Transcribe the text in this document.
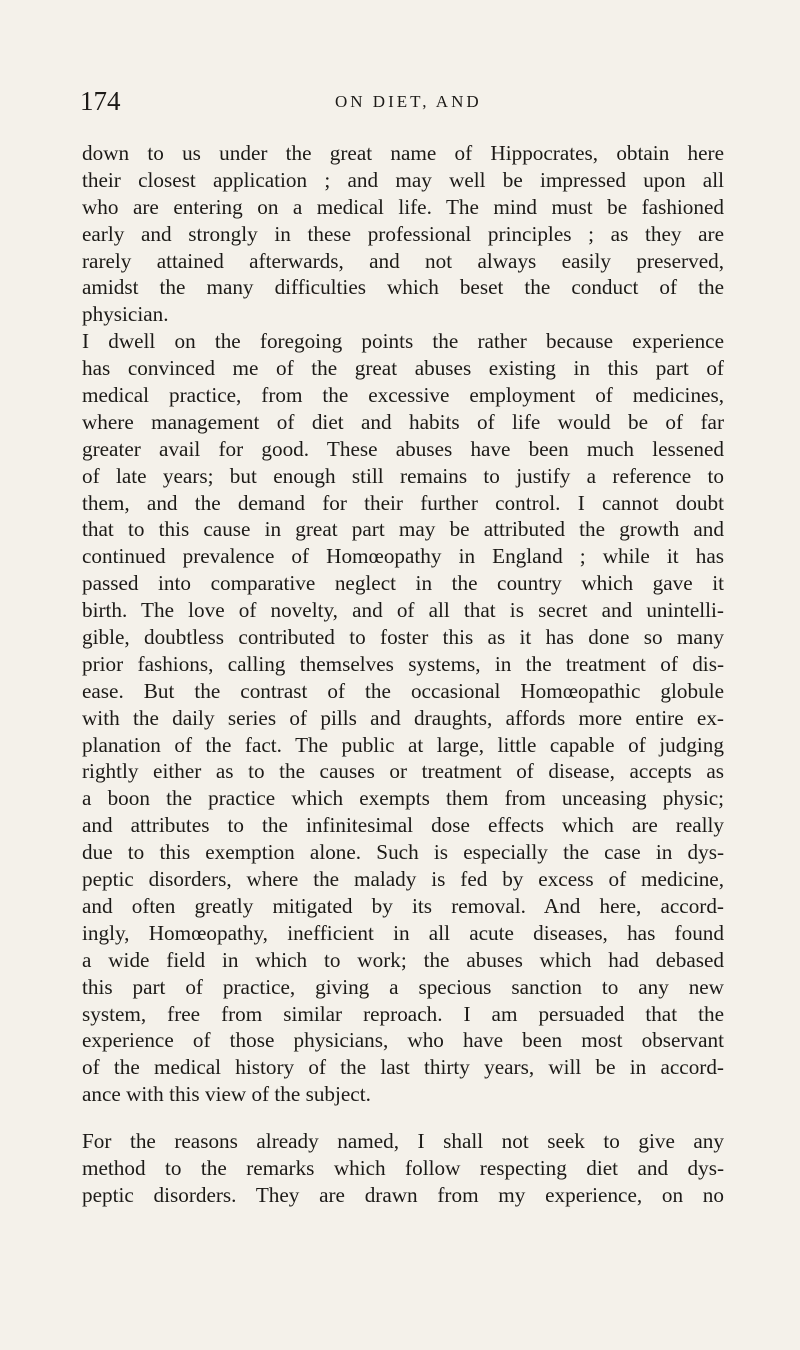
174	ON DIET, AND
down to us under the great name of Hippocrates, obtain here
their closest application ; and may well be impressed upon all
who are entering on a medical life. The mind must be fashioned
early and strongly in these professional principles ; as they are
rarely attained afterwards, and not always easily preserved,
amidst the many difficulties which beset the conduct of the
physician.
I dwell on the foregoing points the rather because experience
has convinced me of the great abuses existing in this part of
medical practice, from the excessive employment of medicines,
where management of diet and habits of life would be of far
greater avail for good. These abuses have been much lessened
of late years; but enough still remains to justify a reference to
them, and the demand for their further control. I cannot doubt
that to this cause in great part may be attributed the growth and
continued prevalence of Homœopathy in England ; while it has
passed into comparative neglect in the country which gave it
birth. The love of novelty, and of all that is secret and unintelli-
gible, doubtless contributed to foster this as it has done so many
prior fashions, calling themselves systems, in the treatment of dis-
ease. But the contrast of the occasional Homœopathic globule
with the daily series of pills and draughts, affords more entire ex-
planation of the fact. The public at large, little capable of judging
rightly either as to the causes or treatment of disease, accepts as
a boon the practice which exempts them from unceasing physic;
and attributes to the infinitesimal dose effects which are really
due to this exemption alone. Such is especially the case in dys-
peptic disorders, where the malady is fed by excess of medicine,
and often greatly mitigated by its removal. And here, accord-
ingly, Homœopathy, inefficient in all acute diseases, has found
a wide field in which to work; the abuses which had debased
this part of practice, giving a specious sanction to any new
system, free from similar reproach. I am persuaded that the
experience of those physicians, who have been most observant
of the medical history of the last thirty years, will be in accord-
ance with this view of the subject.
For the reasons already named, I shall not seek to give any
method to the remarks which follow respecting diet and dys-
peptic disorders. They are drawn from my experience, on no
